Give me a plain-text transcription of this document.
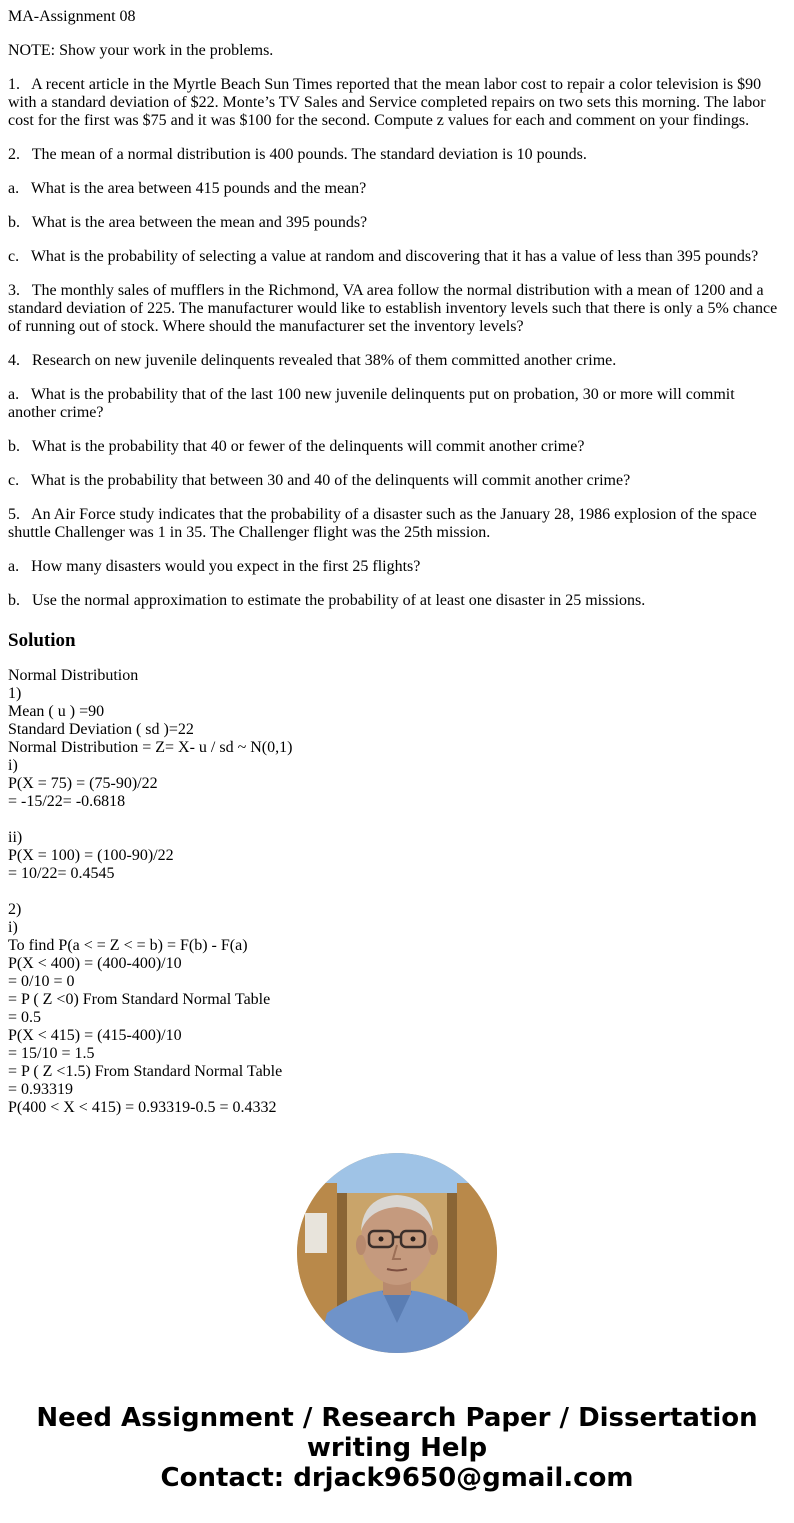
MA-Assignment 08
NOTE: Show your work in the problems.
1.   A recent article in the Myrtle Beach Sun Times reported that the mean labor cost to repair a color television is $90 with a standard deviation of $22. Monte’s TV Sales and Service completed repairs on two sets this morning. The labor cost for the first was $75 and it was $100 for the second. Compute z values for each and comment on your findings.
2.   The mean of a normal distribution is 400 pounds. The standard deviation is 10 pounds.
a.   What is the area between 415 pounds and the mean?
b.   What is the area between the mean and 395 pounds?
c.   What is the probability of selecting a value at random and discovering that it has a value of less than 395 pounds?
3.   The monthly sales of mufflers in the Richmond, VA area follow the normal distribution with a mean of 1200 and a standard deviation of 225. The manufacturer would like to establish inventory levels such that there is only a 5% chance of running out of stock. Where should the manufacturer set the inventory levels?
4.   Research on new juvenile delinquents revealed that 38% of them committed another crime.
a.   What is the probability that of the last 100 new juvenile delinquents put on probation, 30 or more will commit another crime?
b.   What is the probability that 40 or fewer of the delinquents will commit another crime?
c.   What is the probability that between 30 and 40 of the delinquents will commit another crime?
5.   An Air Force study indicates that the probability of a disaster such as the January 28, 1986 explosion of the space shuttle Challenger was 1 in 35. The Challenger flight was the 25th mission.
a.   How many disasters would you expect in the first 25 flights?
b.   Use the normal approximation to estimate the probability of at least one disaster in 25 missions.
Solution
Normal Distribution
1)
Mean ( u ) =90
Standard Deviation ( sd )=22
Normal Distribution = Z= X- u / sd ~ N(0,1)
i)
P(X = 75) = (75-90)/22
= -15/22= -0.6818
ii)
P(X = 100) = (100-90)/22
= 10/22= 0.4545
2)
i)
To find P(a < = Z < = b) = F(b) - F(a)
P(X < 400) = (400-400)/10
= 0/10 = 0
= P ( Z <0) From Standard Normal Table
= 0.5
P(X < 415) = (415-400)/10
= 15/10 = 1.5
= P ( Z <1.5) From Standard Normal Table
= 0.93319
P(400 < X < 415) = 0.93319-0.5 = 0.4332
Need Assignment / Research Paper / Dissertation
writing Help
Contact: drjack9650@gmail.com
